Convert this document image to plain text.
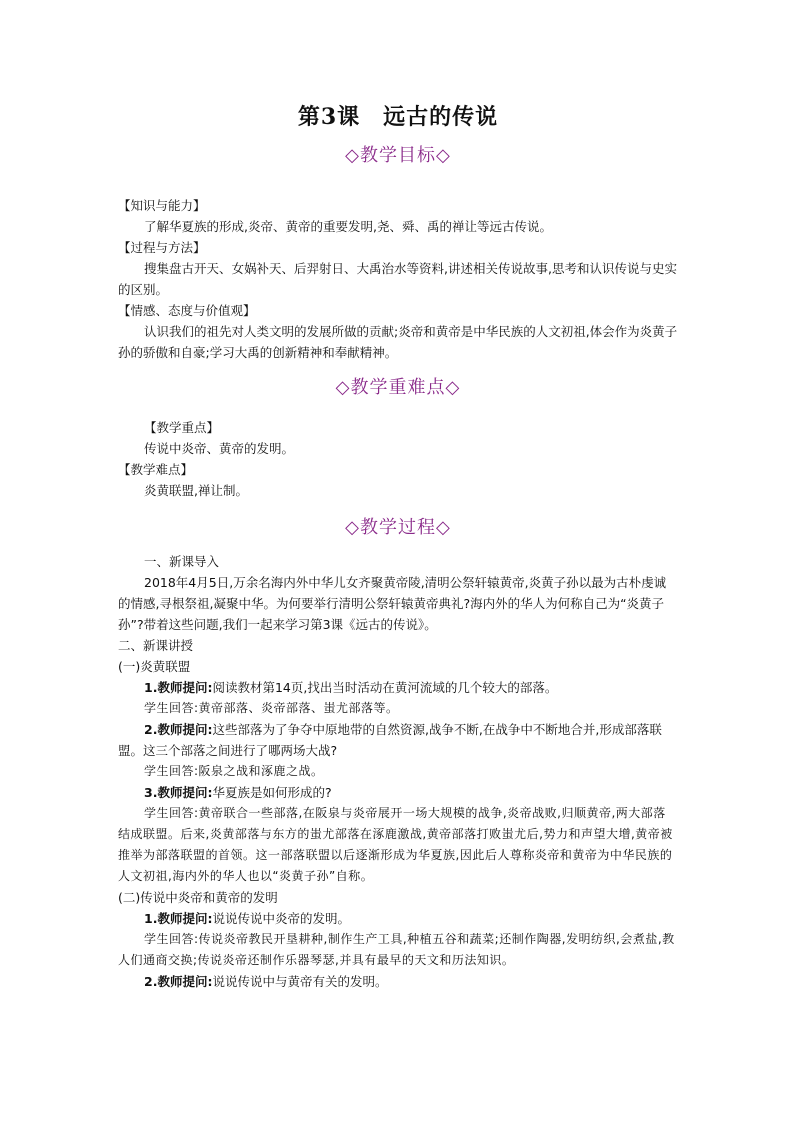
第3课　远古的传说
◇教学目标◇

【知识与能力】

了解华夏族的形成,炎帝、黄帝的重要发明,尧、舜、禹的禅让等远古传说。

【过程与方法】

搜集盘古开天、女娲补天、后羿射日、大禹治水等资料,讲述相关传说故事,思考和认识传说与史实的区别。

【情感、态度与价值观】

认识我们的祖先对人类文明的发展所做的贡献;炎帝和黄帝是中华民族的人文初祖,体会作为炎黄子孙的骄傲和自豪;学习大禹的创新精神和奉献精神。

◇教学重难点◇

【教学重点】

传说中炎帝、黄帝的发明。

【教学难点】

炎黄联盟,禅让制。

◇教学过程◇

一、新课导入

2018年4月5日,万余名海内外中华儿女齐聚黄帝陵,清明公祭轩辕黄帝,炎黄子孙以最为古朴虔诚的情感,寻根祭祖,凝聚中华。为何要举行清明公祭轩辕黄帝典礼?海内外的华人为何称自己为“炎黄子孙”?带着这些问题,我们一起来学习第3课《远古的传说》。

二、新课讲授

(一)炎黄联盟

1.教师提问:阅读教材第14页,找出当时活动在黄河流域的几个较大的部落。

学生回答:黄帝部落、炎帝部落、蚩尤部落等。

2.教师提问:这些部落为了争夺中原地带的自然资源,战争不断,在战争中不断地合并,形成部落联盟。这三个部落之间进行了哪两场大战?

学生回答:阪泉之战和涿鹿之战。

3.教师提问:华夏族是如何形成的?

学生回答:黄帝联合一些部落,在阪泉与炎帝展开一场大规模的战争,炎帝战败,归顺黄帝,两大部落结成联盟。后来,炎黄部落与东方的蚩尤部落在涿鹿激战,黄帝部落打败蚩尤后,势力和声望大增,黄帝被推举为部落联盟的首领。这一部落联盟以后逐渐形成为华夏族,因此后人尊称炎帝和黄帝为中华民族的人文初祖,海内外的华人也以“炎黄子孙”自称。

(二)传说中炎帝和黄帝的发明

1.教师提问:说说传说中炎帝的发明。

学生回答:传说炎帝教民开垦耕种,制作生产工具,种植五谷和蔬菜;还制作陶器,发明纺织,会煮盐,教人们通商交换;传说炎帝还制作乐器琴瑟,并具有最早的天文和历法知识。

2.教师提问:说说传说中与黄帝有关的发明。
